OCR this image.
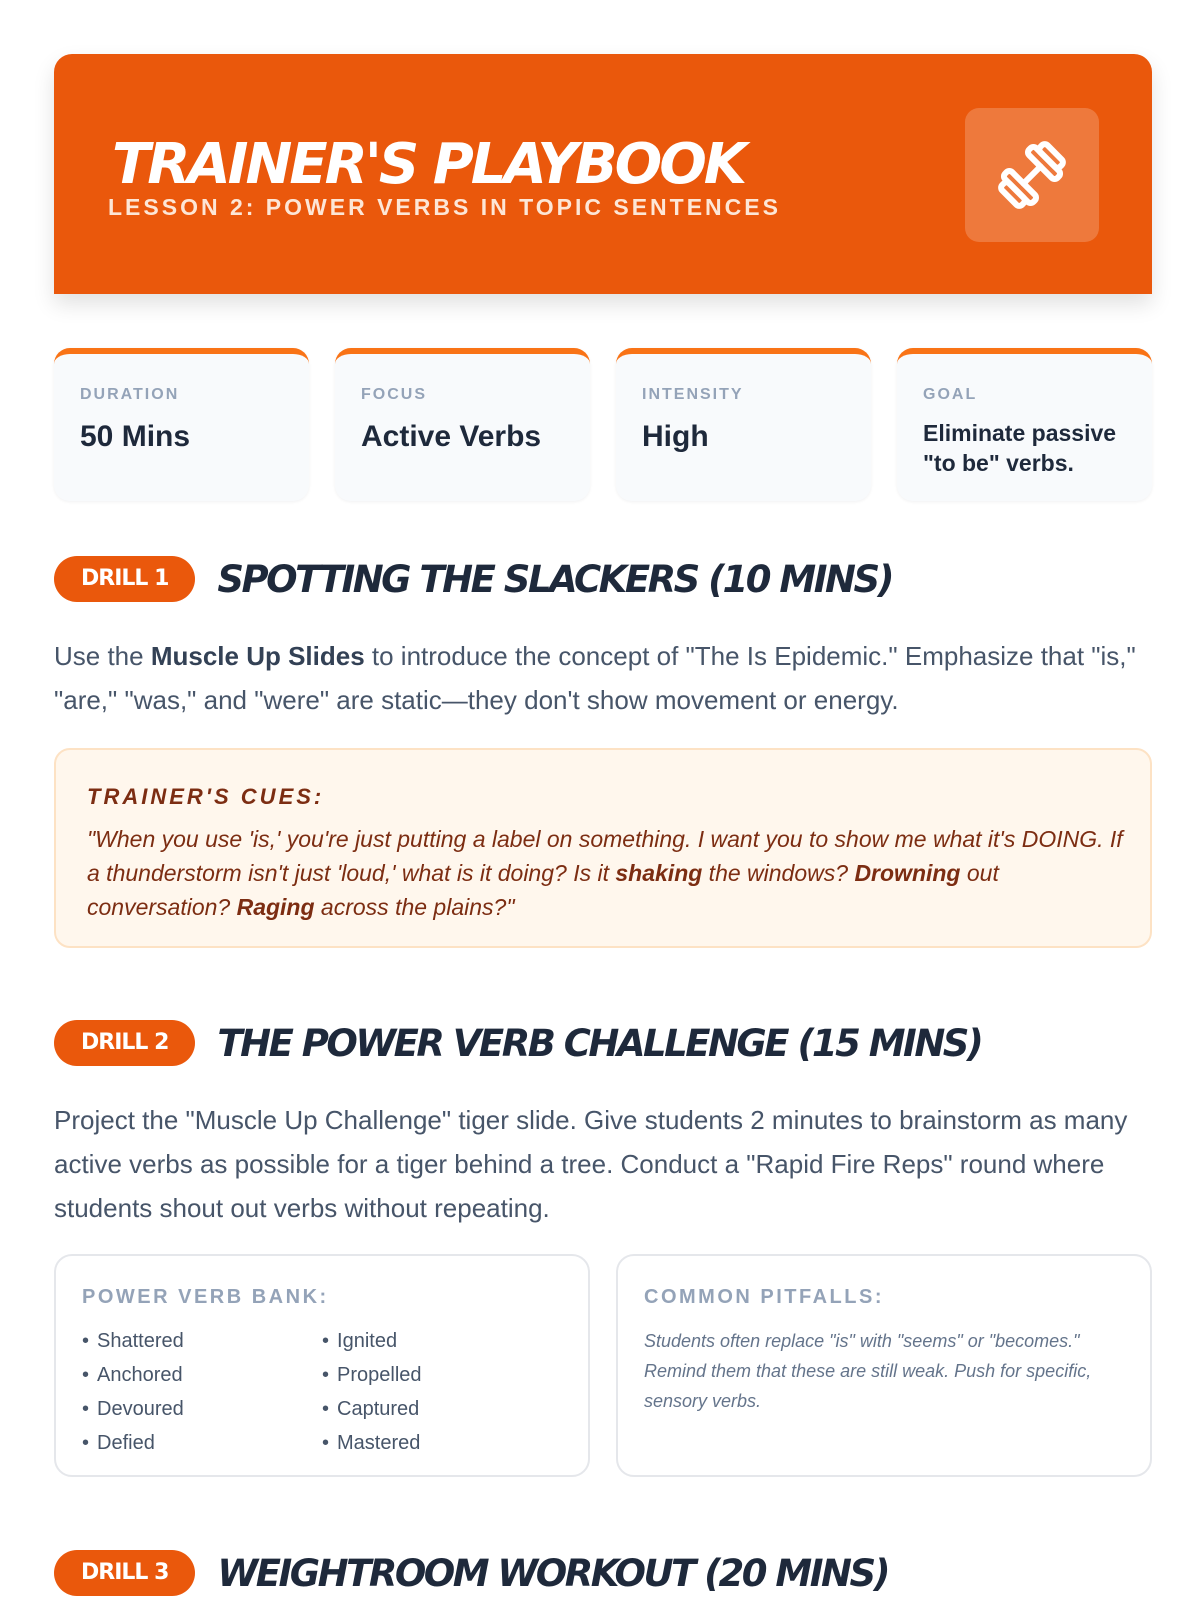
TRAINER'S PLAYBOOK
LESSON 2: POWER VERBS IN TOPIC SENTENCES
DURATION
50 Mins
FOCUS
Active Verbs
INTENSITY
High
GOAL
Eliminate passive "to be" verbs.
DRILL 1	SPOTTING THE SLACKERS (10 MINS)
Use the Muscle Up Slides to introduce the concept of "The Is Epidemic." Emphasize that "is," "are," "was," and "were" are static—they don't show movement or energy.
TRAINER'S CUES:
"When you use 'is,' you're just putting a label on something. I want you to show me what it's DOING. If a thunderstorm isn't just 'loud,' what is it doing? Is it shaking the windows? Drowning out conversation? Raging across the plains?"
DRILL 2	THE POWER VERB CHALLENGE (15 MINS)
Project the "Muscle Up Challenge" tiger slide. Give students 2 minutes to brainstorm as many active verbs as possible for a tiger behind a tree. Conduct a "Rapid Fire Reps" round where students shout out verbs without repeating.
POWER VERB BANK:
• Shattered	• Ignited
• Anchored	• Propelled
• Devoured	• Captured
• Defied	• Mastered
COMMON PITFALLS:
Students often replace "is" with "seems" or "becomes." Remind them that these are still weak. Push for specific, sensory verbs.
DRILL 3	WEIGHTROOM WORKOUT (20 MINS)
